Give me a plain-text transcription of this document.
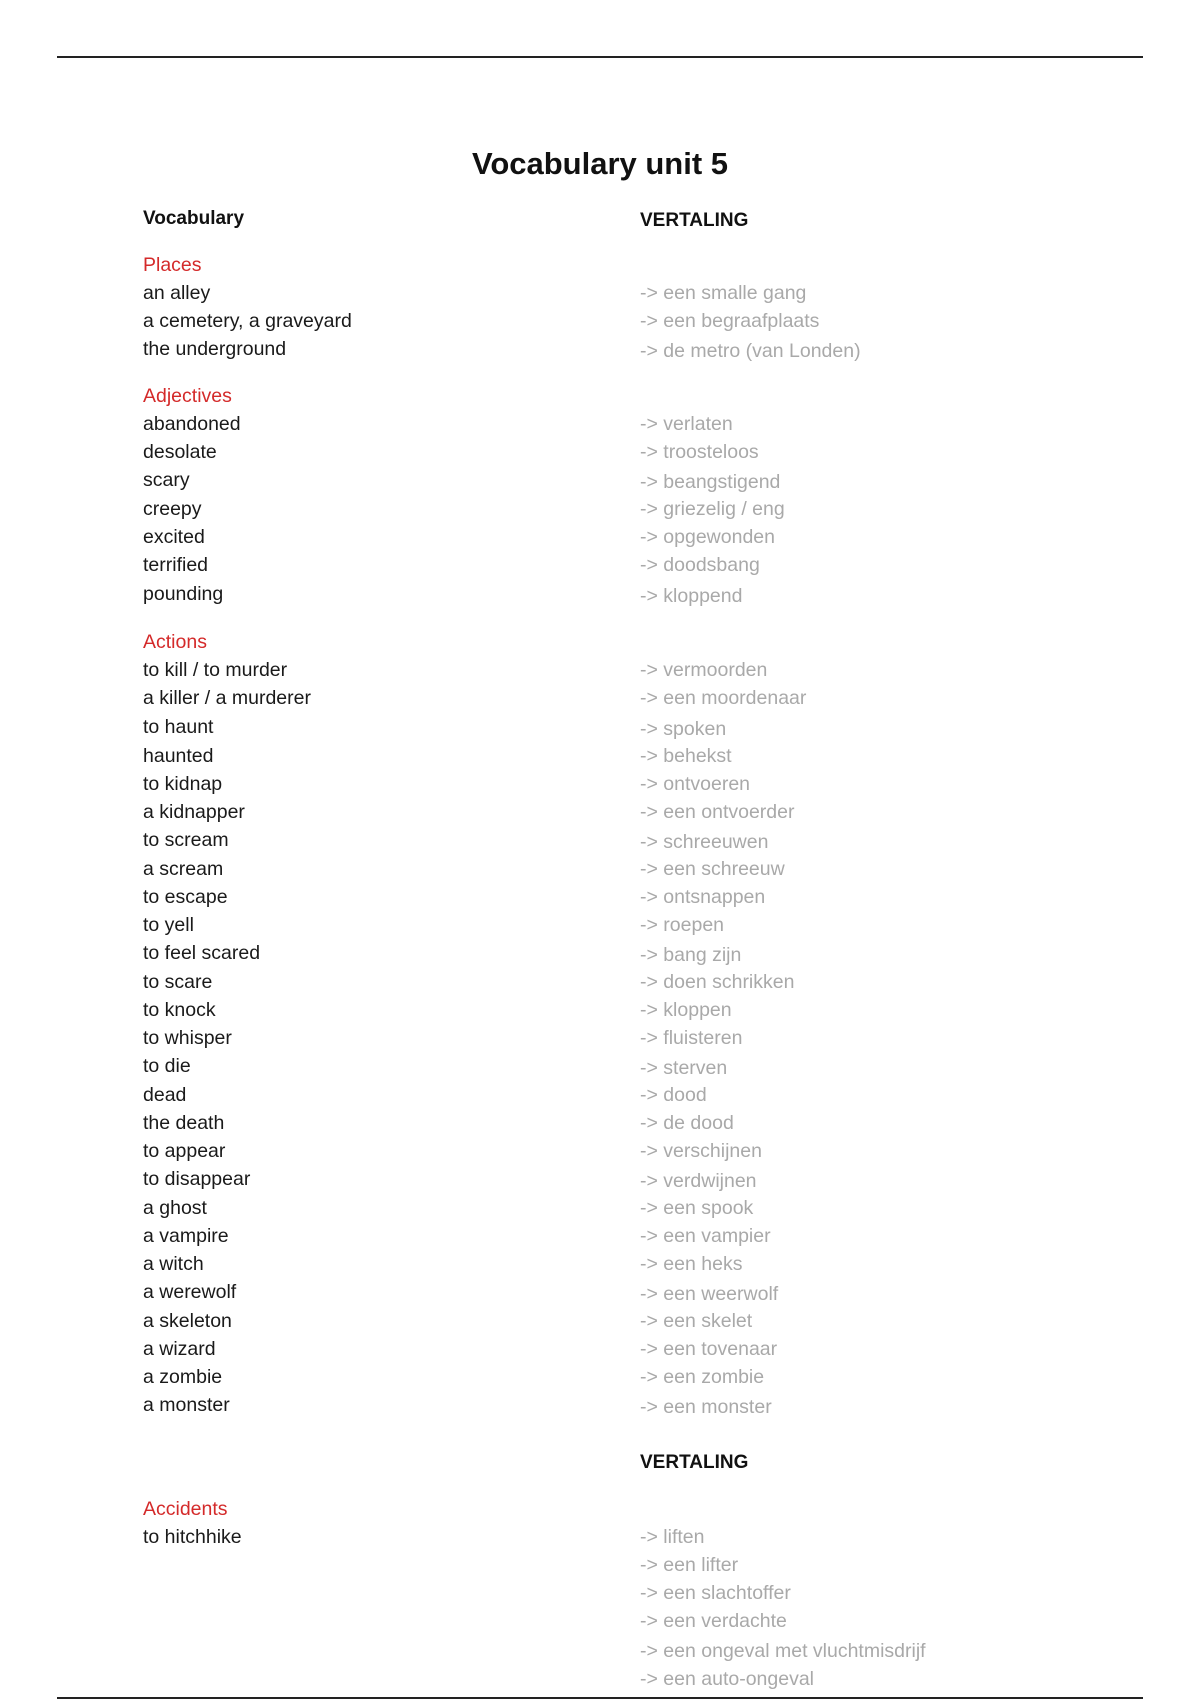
Vocabulary unit 5
Vocabulary	VERTALING
Places
an alley
a cemetery, a graveyard
the underground
-> een smalle gang
-> een begraafplaats
-> de metro (van Londen)
Adjectives
abandoned
desolate
scary
creepy
excited
terrified
pounding
-> verlaten
-> troosteloos
-> beangstigend
-> griezelig / eng
-> opgewonden
-> doodsbang
-> kloppend
Actions
to kill / to murder
a killer / a murderer
to haunt
haunted
to kidnap
a kidnapper
to scream
a scream
to escape
to yell
to feel scared
to scare
to knock
to whisper
to die
dead
the death
to appear
to disappear
a ghost
a vampire
a witch
a werewolf
a skeleton
a wizard
a zombie
a monster
-> vermoorden
-> een moordenaar
-> spoken
-> behekst
-> ontvoeren
-> een ontvoerder
-> schreeuwen
-> een schreeuw
-> ontsnappen
-> roepen
-> bang zijn
-> doen schrikken
-> kloppen
-> fluisteren
-> sterven
-> dood
-> de dood
-> verschijnen
-> verdwijnen
-> een spook
-> een vampier
-> een heks
-> een weerwolf
-> een skelet
-> een tovenaar
-> een zombie
-> een monster
VERTALING
Accidents
to hitchhike	-> liften
-> een lifter
-> een slachtoffer
-> een verdachte
-> een ongeval met vluchtmisdrijf
-> een auto-ongeval
